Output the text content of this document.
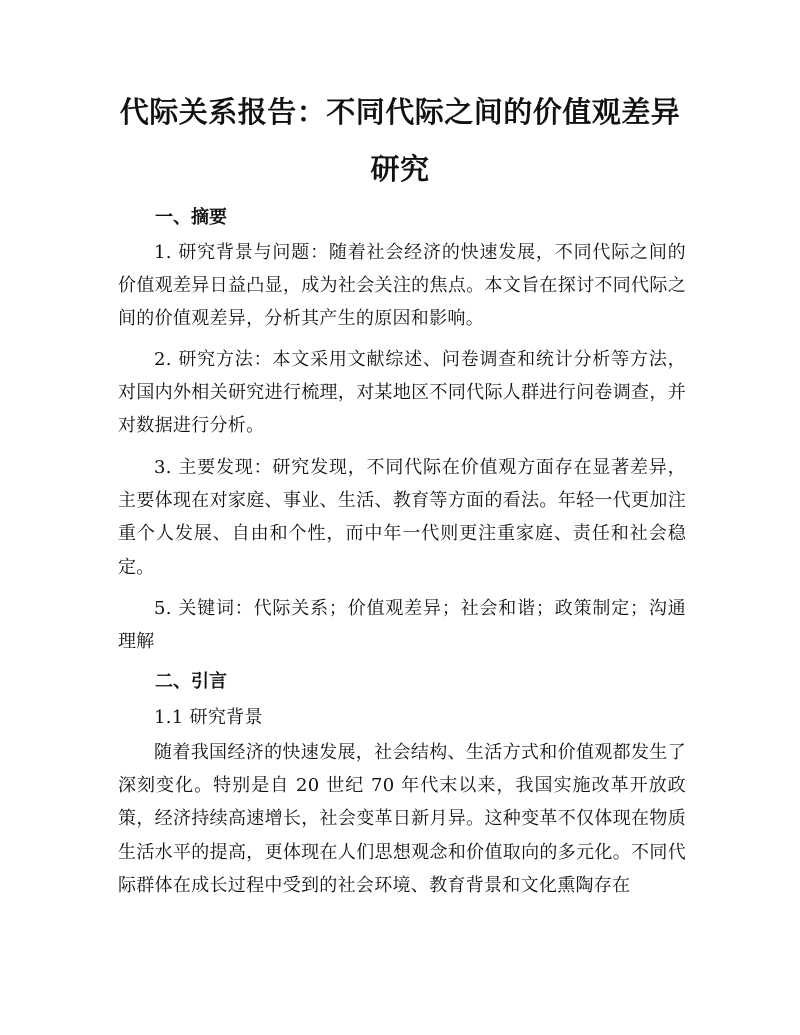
代际关系报告：不同代际之间的价值观差异
研究
一、摘要
1. 研究背景与问题：随着社会经济的快速发展，不同代际之间的价值观差异日益凸显，成为社会关注的焦点。本文旨在探讨不同代际之间的价值观差异，分析其产生的原因和影响。
2. 研究方法：本文采用文献综述、问卷调查和统计分析等方法，对国内外相关研究进行梳理，对某地区不同代际人群进行问卷调查，并对数据进行分析。
3. 主要发现：研究发现，不同代际在价值观方面存在显著差异，主要体现在对家庭、事业、生活、教育等方面的看法。年轻一代更加注重个人发展、自由和个性，而中年一代则更注重家庭、责任和社会稳定。
5. 关键词：代际关系；价值观差异；社会和谐；政策制定；沟通理解
二、引言
1.1 研究背景
随着我国经济的快速发展，社会结构、生活方式和价值观都发生了深刻变化。特别是自 20 世纪 70 年代末以来，我国实施改革开放政策，经济持续高速增长，社会变革日新月异。这种变革不仅体现在物质生活水平的提高，更体现在人们思想观念和价值取向的多元化。不同代际群体在成长过程中受到的社会环境、教育背景和文化熏陶存在
